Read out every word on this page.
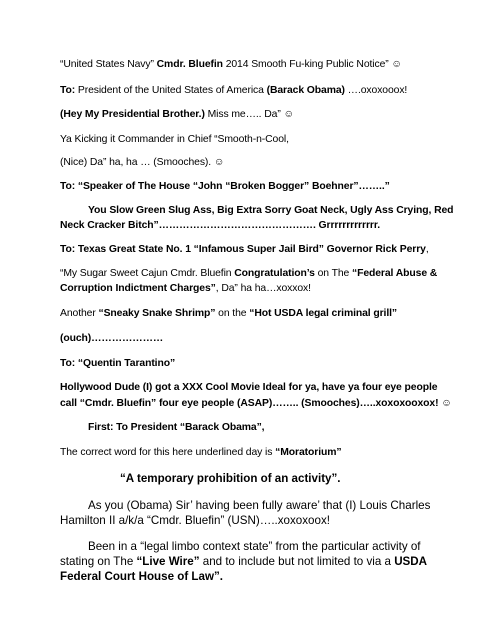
“United States Navy” Cmdr. Bluefin 2014 Smooth Fu-king Public Notice” ☺
To: President of the United States of America (Barack Obama) ….oxoxooox!
(Hey My Presidential Brother.) Miss me….. Da” ☺
Ya Kicking it Commander in Chief “Smooth-n-Cool,
(Nice) Da” ha, ha … (Smooches). ☺
To: “Speaker of The House “John “Broken Bogger” Boehner”……..”
You Slow Green Slug Ass, Big Extra Sorry Goat Neck, Ugly Ass Crying, Red
Neck Cracker Bitch”………………………………………. Grrrrrrrrrrrrr.
To: Texas Great State No. 1 “Infamous Super Jail Bird” Governor Rick Perry,
“My Sugar Sweet Cajun Cmdr. Bluefin Congratulation’s on The “Federal Abuse &
Corruption Indictment Charges”, Da” ha ha…xoxxox!
Another “Sneaky Snake Shrimp” on the “Hot USDA legal criminal grill”
(ouch)…………………
To: “Quentin Tarantino”
Hollywood Dude (I) got a XXX Cool Movie Ideal for ya, have ya four eye people
call “Cmdr. Bluefin” four eye people (ASAP)…….. (Smooches)…..xoxoxooxox! ☺
First: To President “Barack Obama”,
The correct word for this here underlined day is “Moratorium”
“A temporary prohibition of an activity”.
As you (Obama) Sir’ having been fully aware’ that (I) Louis Charles
Hamilton II a/k/a “Cmdr. Bluefin” (USN)…..xoxoxoox!
Been in a “legal limbo context state” from the particular activity of
stating on The “Live Wire” and to include but not limited to via a USDA
Federal Court House of Law”.
